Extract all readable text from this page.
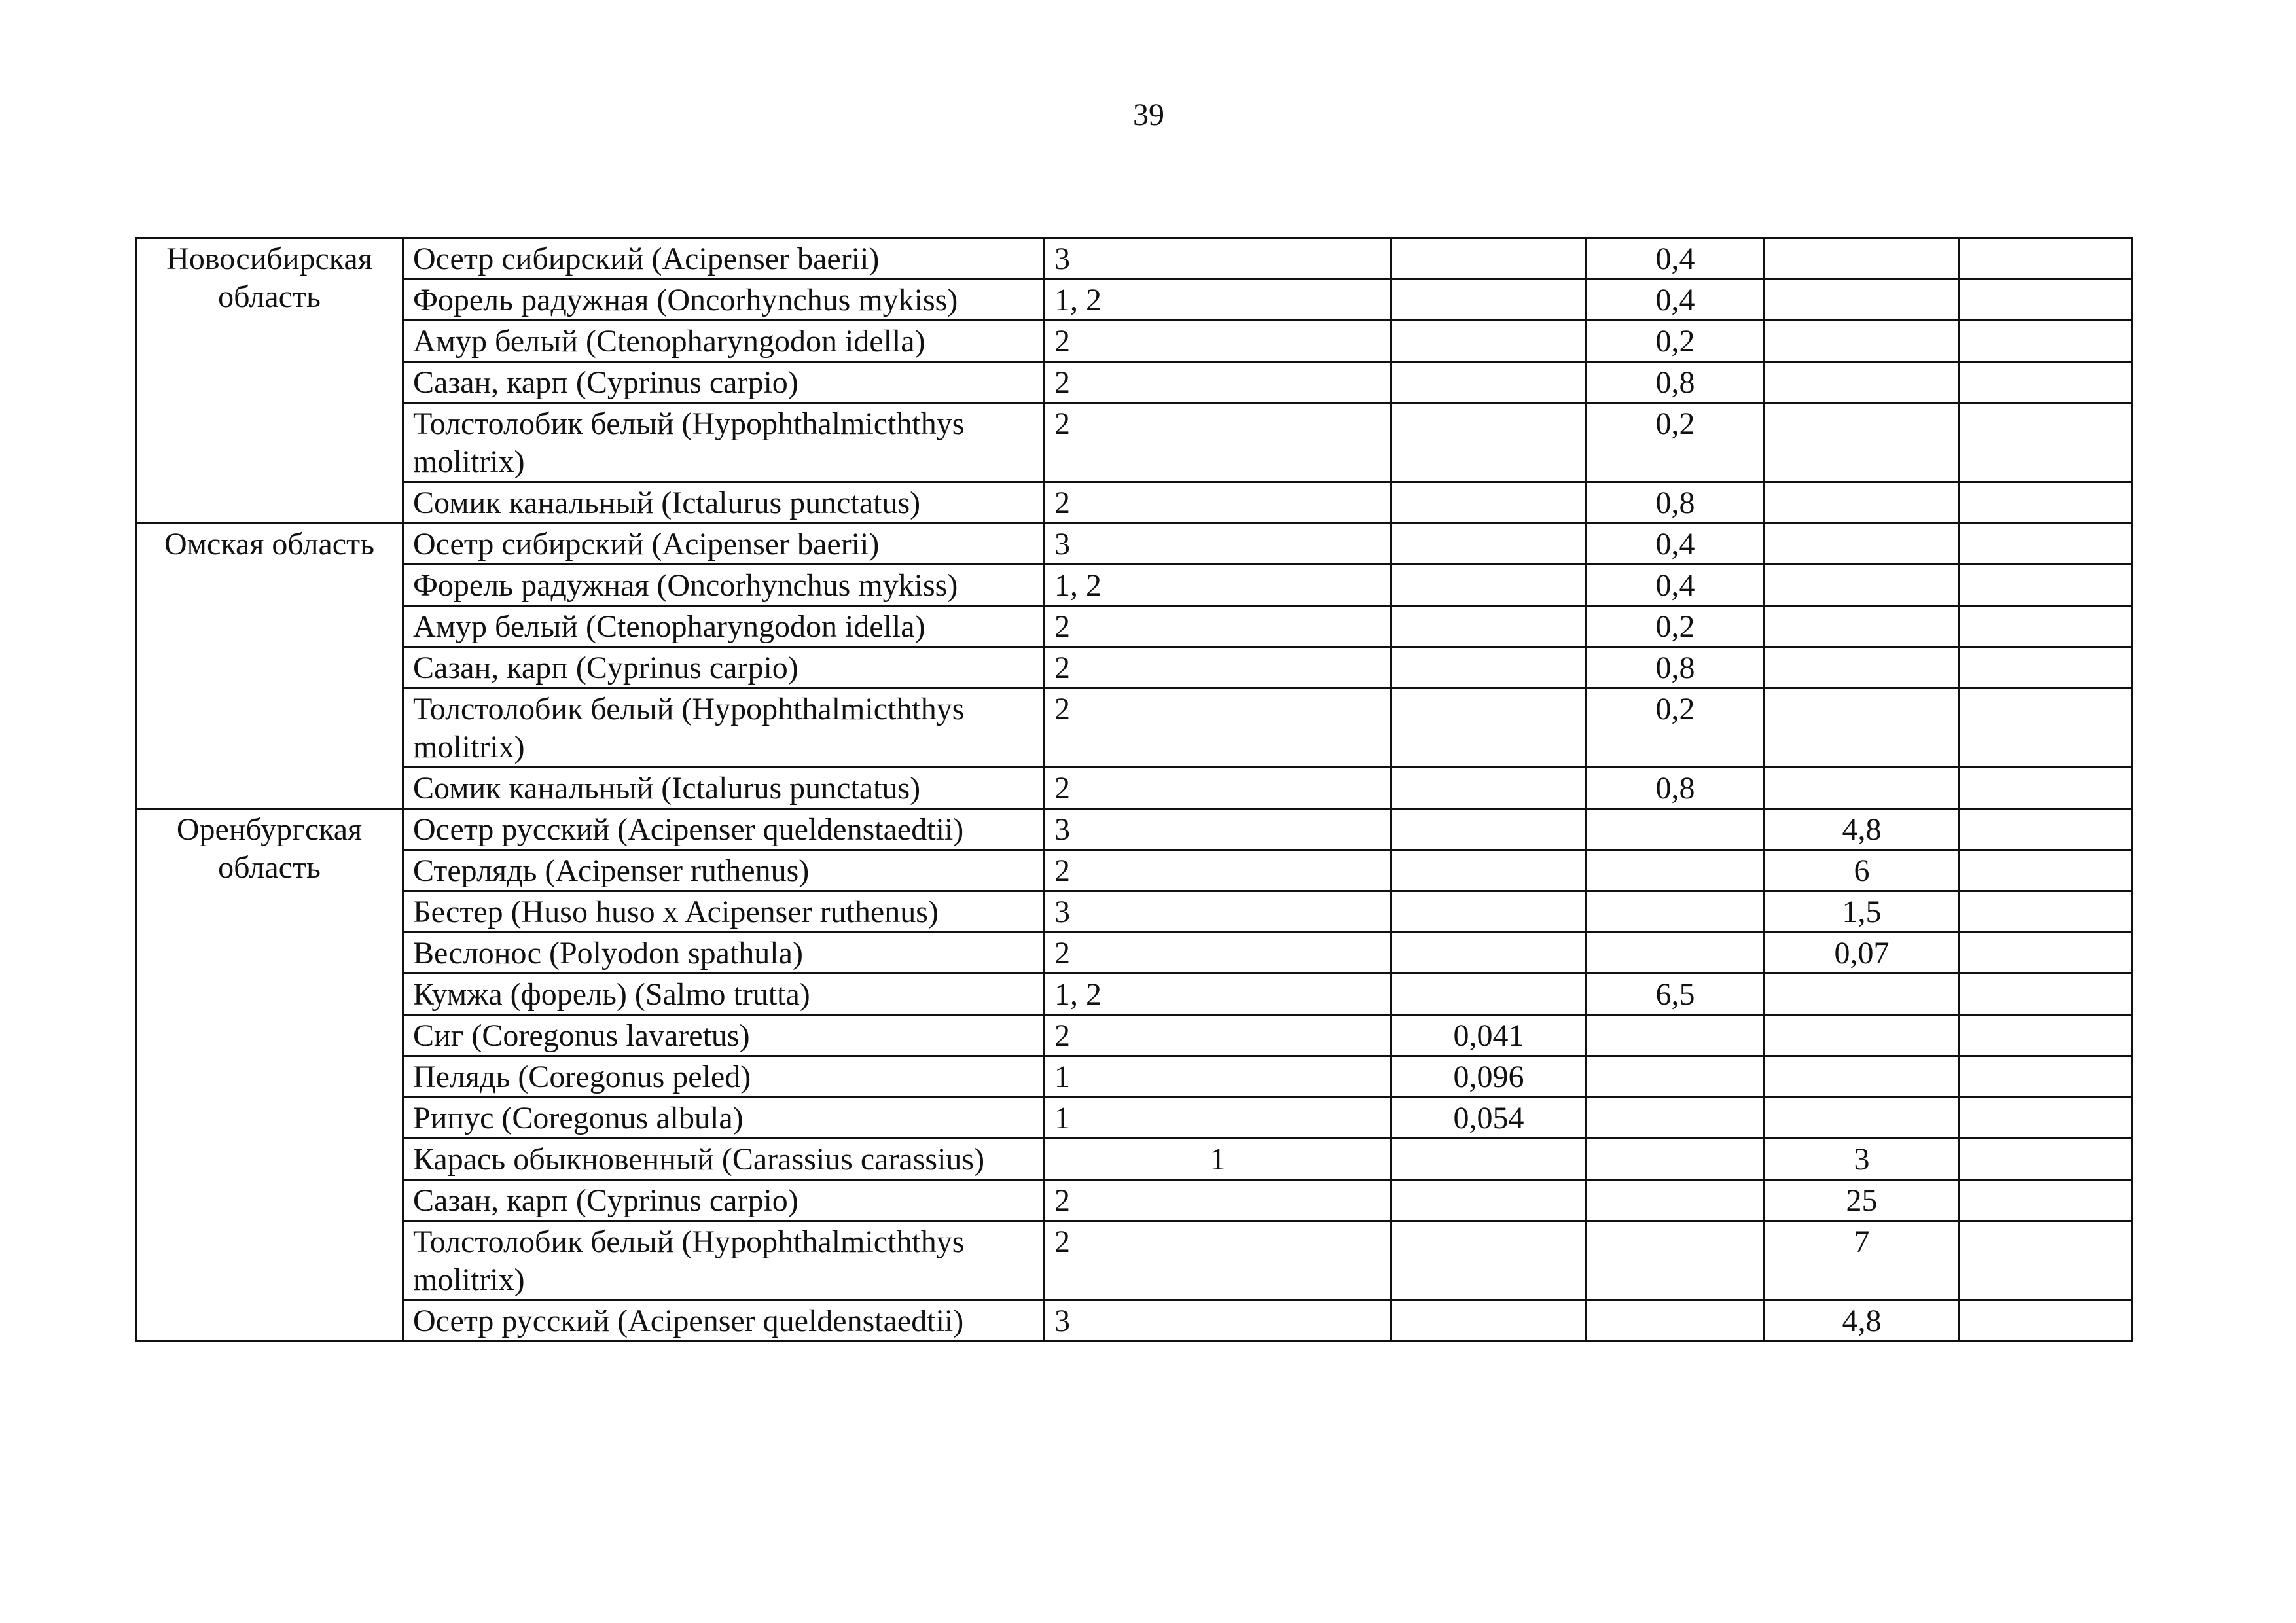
39
Новосибирская область	Осетр сибирский (Acipenser baerii)	3		0,4		
	Форель радужная (Oncorhynchus mykiss)	1, 2		0,4		
	Амур белый (Ctenopharyngodon idella)	2		0,2		
	Сазан, карп (Cyprinus carpio)	2		0,8		
	Толстолобик белый (Hypophthalmicththys molitrix)	2		0,2		
	Сомик канальный (Ictalurus punctatus)	2		0,8		
Омская область	Осетр сибирский (Acipenser baerii)	3		0,4		
	Форель радужная (Oncorhynchus mykiss)	1, 2		0,4		
	Амур белый (Ctenopharyngodon idella)	2		0,2		
	Сазан, карп (Cyprinus carpio)	2		0,8		
	Толстолобик белый (Hypophthalmicththys molitrix)	2		0,2		
	Сомик канальный (Ictalurus punctatus)	2		0,8		
Оренбургская область	Осетр русский (Acipenser queldenstaedtii)	3			4,8	
	Стерлядь (Acipenser ruthenus)	2			6	
	Бестер (Huso huso x Acipenser ruthenus)	3			1,5	
	Веслонос (Polyodon spathula)	2			0,07	
	Кумжа (форель) (Salmo trutta)	1, 2		6,5		
	Сиг (Coregonus lavaretus)	2	0,041			
	Пелядь (Coregonus peled)	1	0,096			
	Рипус (Coregonus albula)	1	0,054			
	Карась обыкновенный (Carassius carassius)	1			3	
	Сазан, карп (Cyprinus carpio)	2			25	
	Толстолобик белый (Hypophthalmicththys molitrix)	2			7	
	Осетр русский (Acipenser queldenstaedtii)	3			4,8	
